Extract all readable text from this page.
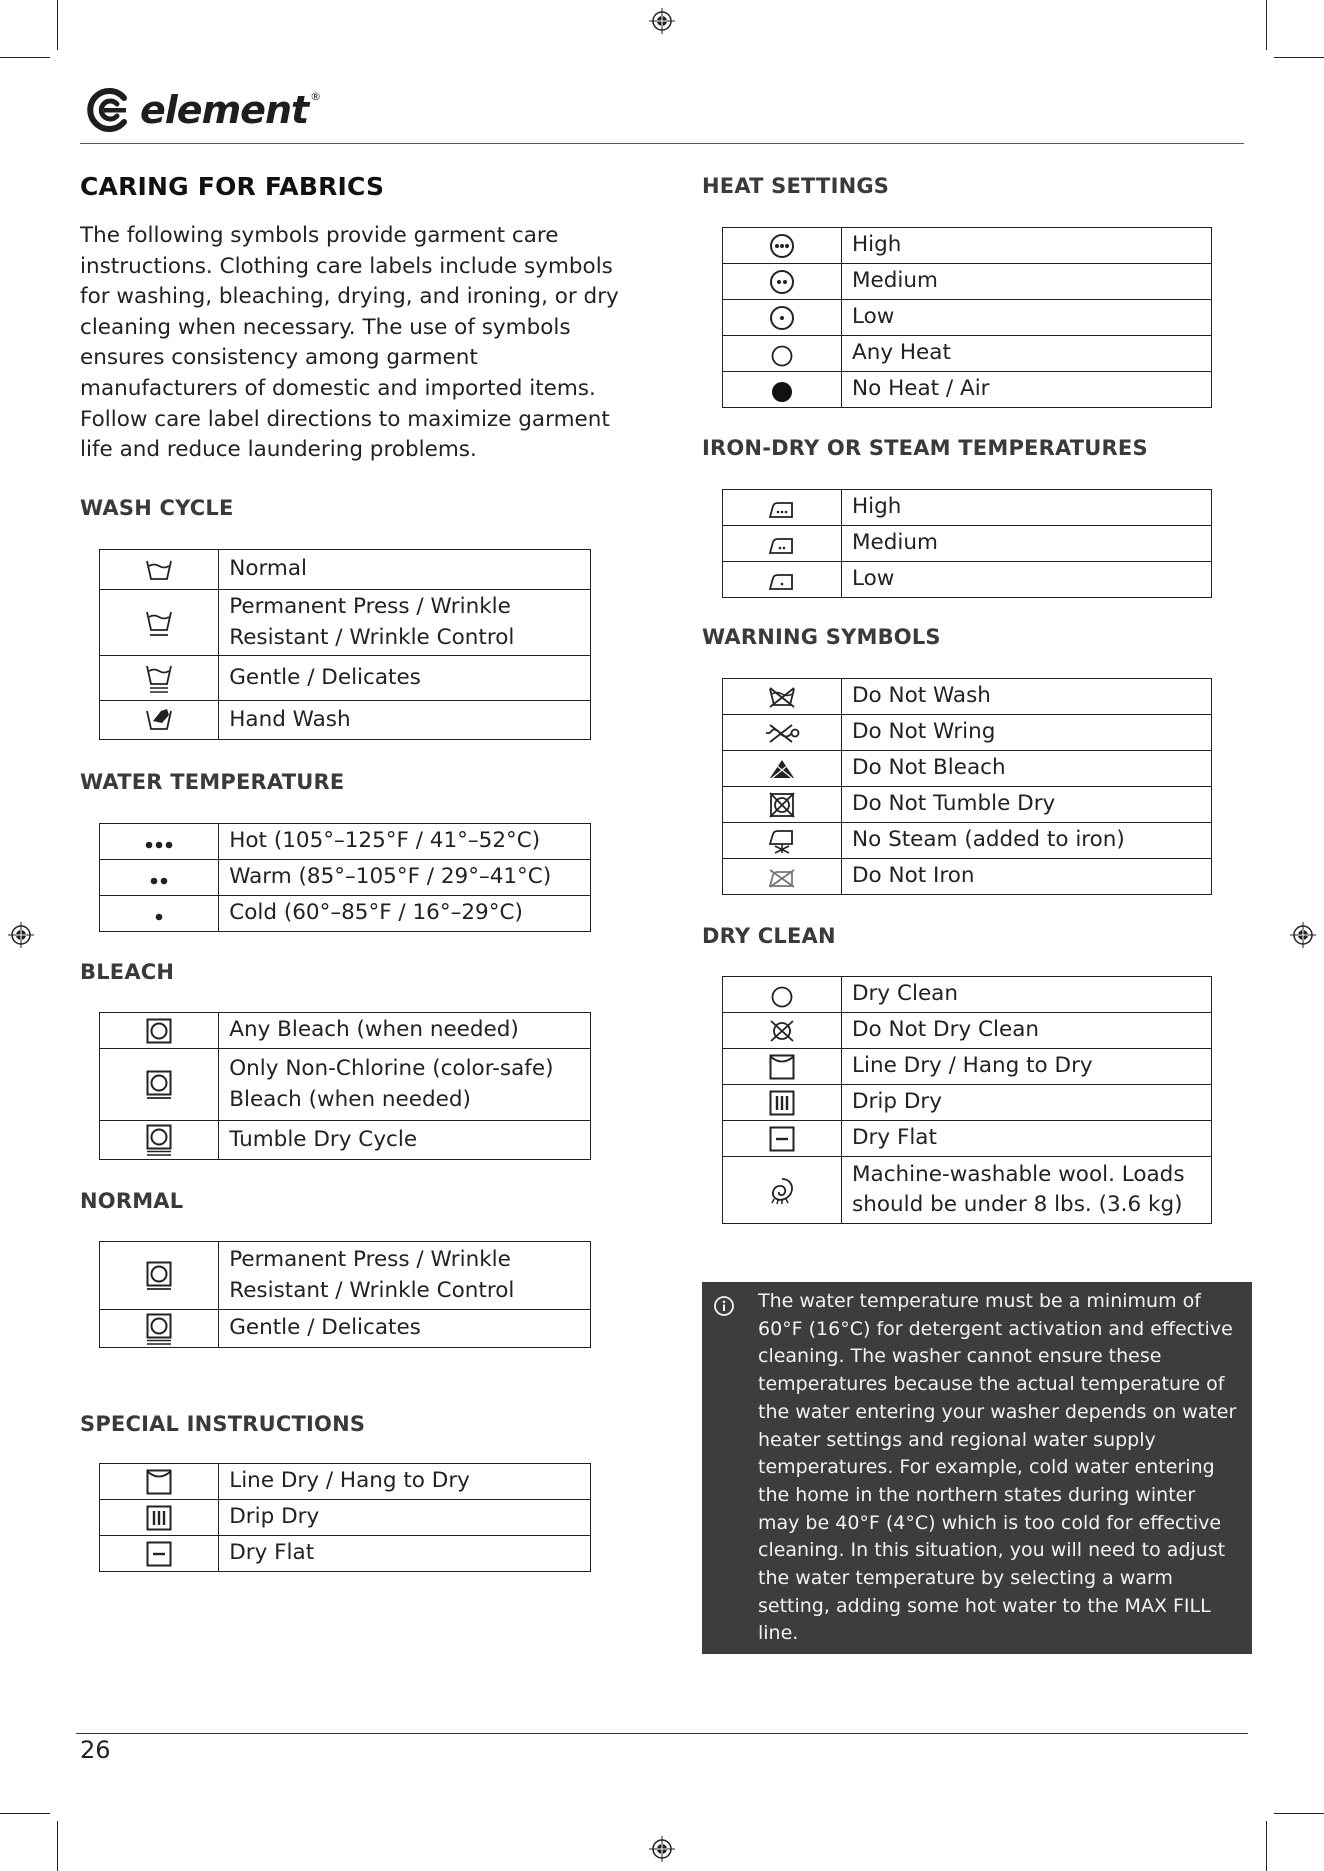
element ®
CARING FOR FABRICS

The following symbols provide garment care instructions. Clothing care labels include symbols for washing, bleaching, drying, and ironing, or dry cleaning when necessary. The use of symbols ensures consistency among garment manufacturers of domestic and imported items. Follow care label directions to maximize garment life and reduce laundering problems.

WASH CYCLE
	Normal

	Permanent Press / Wrinkle Resistant / Wrinkle Control

	Gentle / Delicates

	Hand Wash
WATER TEMPERATURE
	Hot (105°–125°F / 41°–52°C)

	Warm (85°–105°F / 29°–41°C)

	Cold (60°–85°F / 16°–29°C)
BLEACH
	Any Bleach (when needed)

	Only Non-Chlorine (color-safe) Bleach (when needed)

	Tumble Dry Cycle
NORMAL
	Permanent Press / Wrinkle Resistant / Wrinkle Control

	Gentle / Delicates
SPECIAL INSTRUCTIONS
	Line Dry / Hang to Dry

	Drip Dry

	Dry Flat
HEAT SETTINGS
	High

	Medium

	Low

	Any Heat

	No Heat / Air
IRON-DRY OR STEAM TEMPERATURES
	High

	Medium

	Low
WARNING SYMBOLS
	Do Not Wash

	Do Not Wring

	Do Not Bleach

	Do Not Tumble Dry

	No Steam (added to iron)

	Do Not Iron
DRY CLEAN
	Dry Clean

	Do Not Dry Clean

	Line Dry / Hang to Dry

	Drip Dry

	Dry Flat

	Machine-washable wool. Loads should be under 8 lbs. (3.6 kg)

The water temperature must be a minimum of 60°F (16°C) for detergent activation and effective cleaning. The washer cannot ensure these temperatures because the actual temperature of the water entering your washer depends on water heater settings and regional water supply temperatures. For example, cold water entering the home in the northern states during winter may be 40°F (4°C) which is too cold for effective cleaning. In this situation, you will need to adjust the water temperature by selecting a warm setting, adding some hot water to the MAX FILL line.

26
